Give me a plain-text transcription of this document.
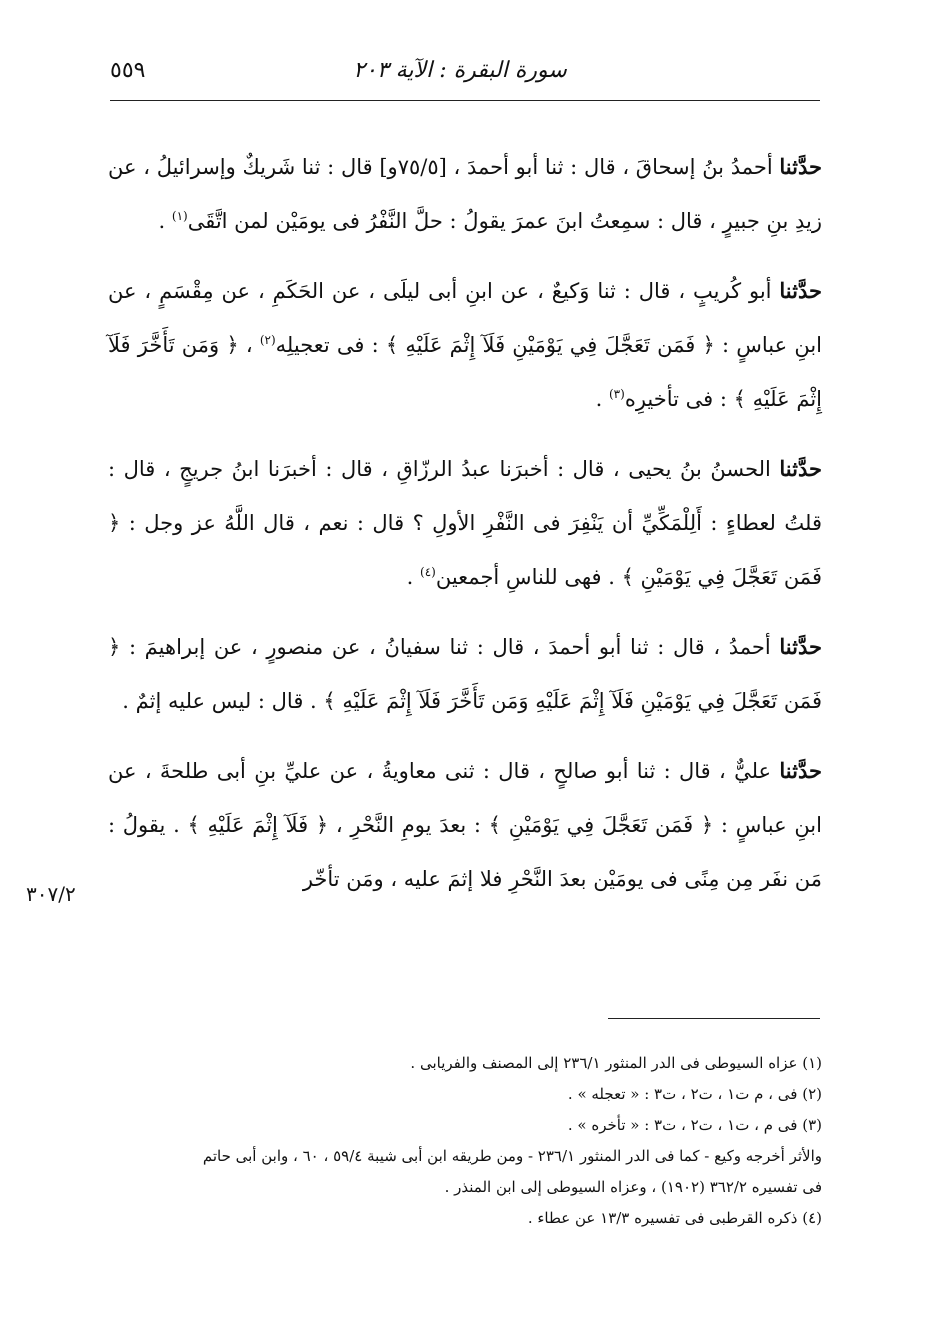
سورة البقرة : الآية ٢٠٣
٥٥٩

حدَّثنا أحمدُ بنُ إسحاقَ ، قال : ثنا أبو أحمدَ ، [٧٥/٥و] قال : ثنا شَريكٌ وإسرائيلُ ، عن زيدِ بنِ جبيرٍ ، قال : سمِعتُ ابنَ عمرَ يقولُ : حلَّ النَّفْرُ فى يومَيْن لمن اتَّقَى$^{(١)}$ .

حدَّثنا أبو كُريبٍ ، قال : ثنا وَكيعٌ ، عن ابنِ أبى ليلَى ، عن الحَكَمِ ، عن مِقْسَمٍ ، عن ابنِ عباسٍ : ﴿ فَمَن تَعَجَّلَ فِي يَوْمَيْنِ فَلَآ إِثْمَ عَلَيْهِ ﴾ : فى تعجيلِه$^{(٢)}$ ، ﴿ وَمَن تَأَخَّرَ فَلَآ إِثْمَ عَلَيْهِ ﴾ : فى تأخيرِه$^{(٣)}$ .

حدَّثنا الحسنُ بنُ يحيى ، قال : أخبرَنا عبدُ الرزّاقِ ، قال : أخبرَنا ابنُ جريجٍ ، قال : قلتُ لعطاءٍ : أَلِلْمَكِّيِّ أن يَنْفِرَ فى النَّفْرِ الأولِ ؟ قال : نعم ، قال اللَّهُ عز وجل : ﴿ فَمَن تَعَجَّلَ فِي يَوْمَيْنِ ﴾ . فهى للناسِ أجمعين$^{(٤)}$ .

حدَّثنا أحمدُ ، قال : ثنا أبو أحمدَ ، قال : ثنا سفيانُ ، عن منصورٍ ، عن إبراهيمَ : ﴿ فَمَن تَعَجَّلَ فِي يَوْمَيْنِ فَلَآ إِثْمَ عَلَيْهِ وَمَن تَأَخَّرَ فَلَآ إِثْمَ عَلَيْهِ ﴾ . قال : ليس عليه إثمٌ .

حدَّثنا عليٌّ ، قال : ثنا أبو صالحٍ ، قال : ثنى معاويةُ ، عن عليِّ بنِ أبى طلحةَ ، عن ابنِ عباسٍ : ﴿ فَمَن تَعَجَّلَ فِي يَوْمَيْنِ ﴾ : بعدَ يومِ النَّحْرِ ، ﴿ فَلَآ إِثْمَ عَلَيْهِ ﴾ . يقولُ : مَن نفَر مِن مِنًى فى يومَيْن بعدَ النَّحْرِ فلا إثمَ عليه ، ومَن تأخّر

٣٠٧/٢
(١) عزاه السيوطى فى الدر المنثور ٢٣٦/١ إلى المصنف والفريابى .
(٢) فى ، م ت١ ، ت٢ ، ت٣ : « تعجله » .
(٣) فى م ، ت١ ، ت٢ ، ت٣ : « تأخره » .
والأثر أخرجه وكيع - كما فى الدر المنثور ٢٣٦/١ - ومن طريقه ابن أبى شيبة ٥٩/٤ ، ٦٠ ، وابن أبى حاتم
فى تفسيره ٣٦٢/٢ (١٩٠٢) ، وعزاه السيوطى إلى ابن المنذر .
(٤) ذكره القرطبى فى تفسيره ١٣/٣ عن عطاء .
